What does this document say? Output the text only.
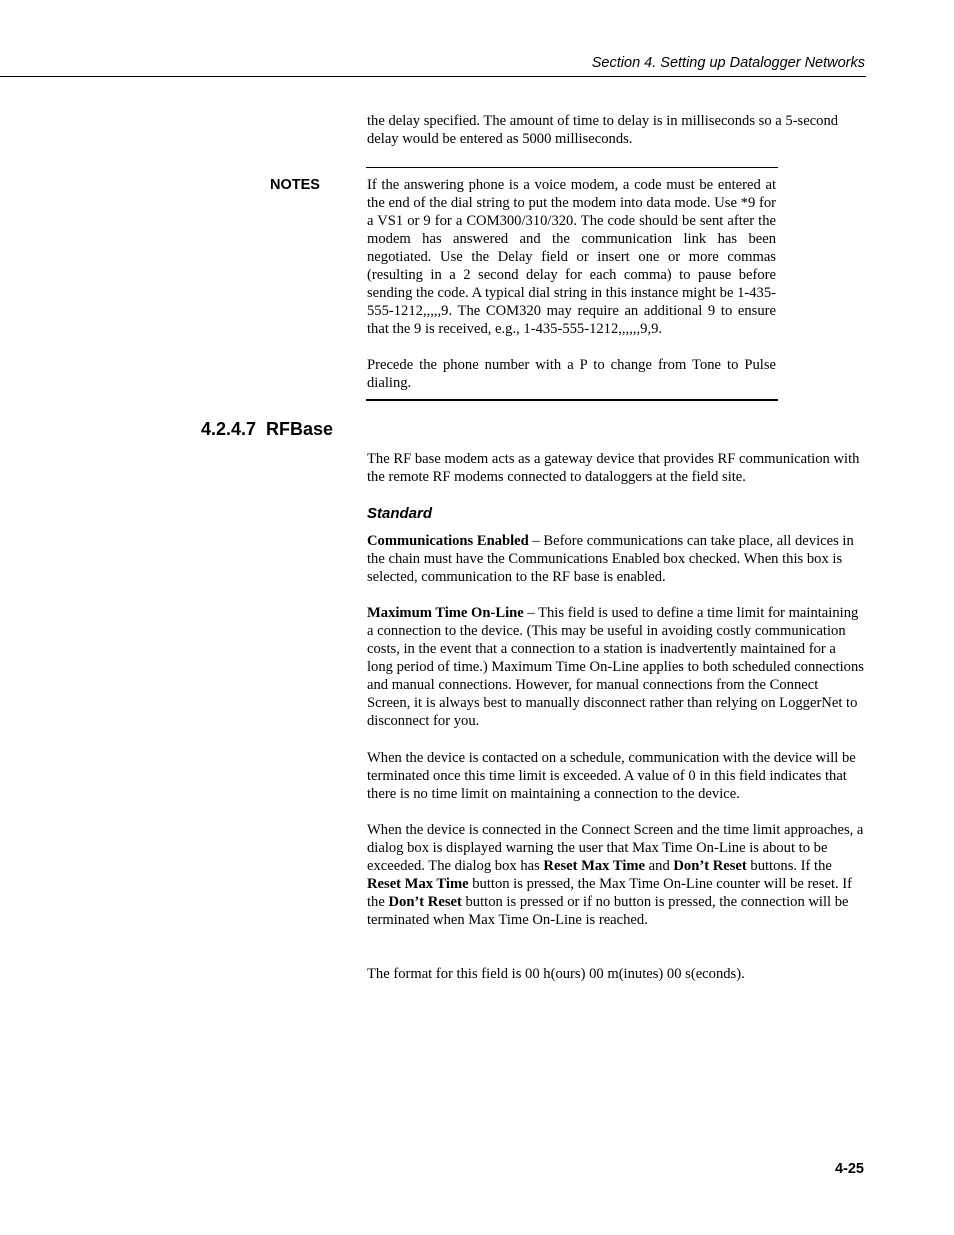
Section 4. Setting up Datalogger Networks

the delay specified. The amount of time to delay is in milliseconds so a 5-second delay would be entered as 5000 milliseconds.

NOTES	If the answering phone is a voice modem, a code must be entered at the end of the dial string to put the modem into data mode. Use *9 for a VS1 or 9 for a COM300/310/320. The code should be sent after the modem has answered and the communication link has been negotiated. Use the Delay field or insert one or more commas (resulting in a 2 second delay for each comma) to pause before sending the code. A typical dial string in this instance might be 1-435-555-1212,,,,,9. The COM320 may require an additional 9 to ensure that the 9 is received, e.g., 1-435-555-1212,,,,,,9,9.

Precede the phone number with a P to change from Tone to Pulse dialing.

4.2.4.7 RFBase

The RF base modem acts as a gateway device that provides RF communication with the remote RF modems connected to dataloggers at the field site.

Standard

Communications Enabled – Before communications can take place, all devices in the chain must have the Communications Enabled box checked. When this box is selected, communication to the RF base is enabled.

Maximum Time On-Line – This field is used to define a time limit for maintaining a connection to the device. (This may be useful in avoiding costly communication costs, in the event that a connection to a station is inadvertently maintained for a long period of time.) Maximum Time On-Line applies to both scheduled connections and manual connections. However, for manual connections from the Connect Screen, it is always best to manually disconnect rather than relying on LoggerNet to disconnect for you.

When the device is contacted on a schedule, communication with the device will be terminated once this time limit is exceeded. A value of 0 in this field indicates that there is no time limit on maintaining a connection to the device.

When the device is connected in the Connect Screen and the time limit approaches, a dialog box is displayed warning the user that Max Time On-Line is about to be exceeded. The dialog box has Reset Max Time and Don’t Reset buttons. If the Reset Max Time button is pressed, the Max Time On-Line counter will be reset. If the Don’t Reset button is pressed or if no button is pressed, the connection will be terminated when Max Time On-Line is reached.

The format for this field is 00 h(ours) 00 m(inutes) 00 s(econds).

4-25
